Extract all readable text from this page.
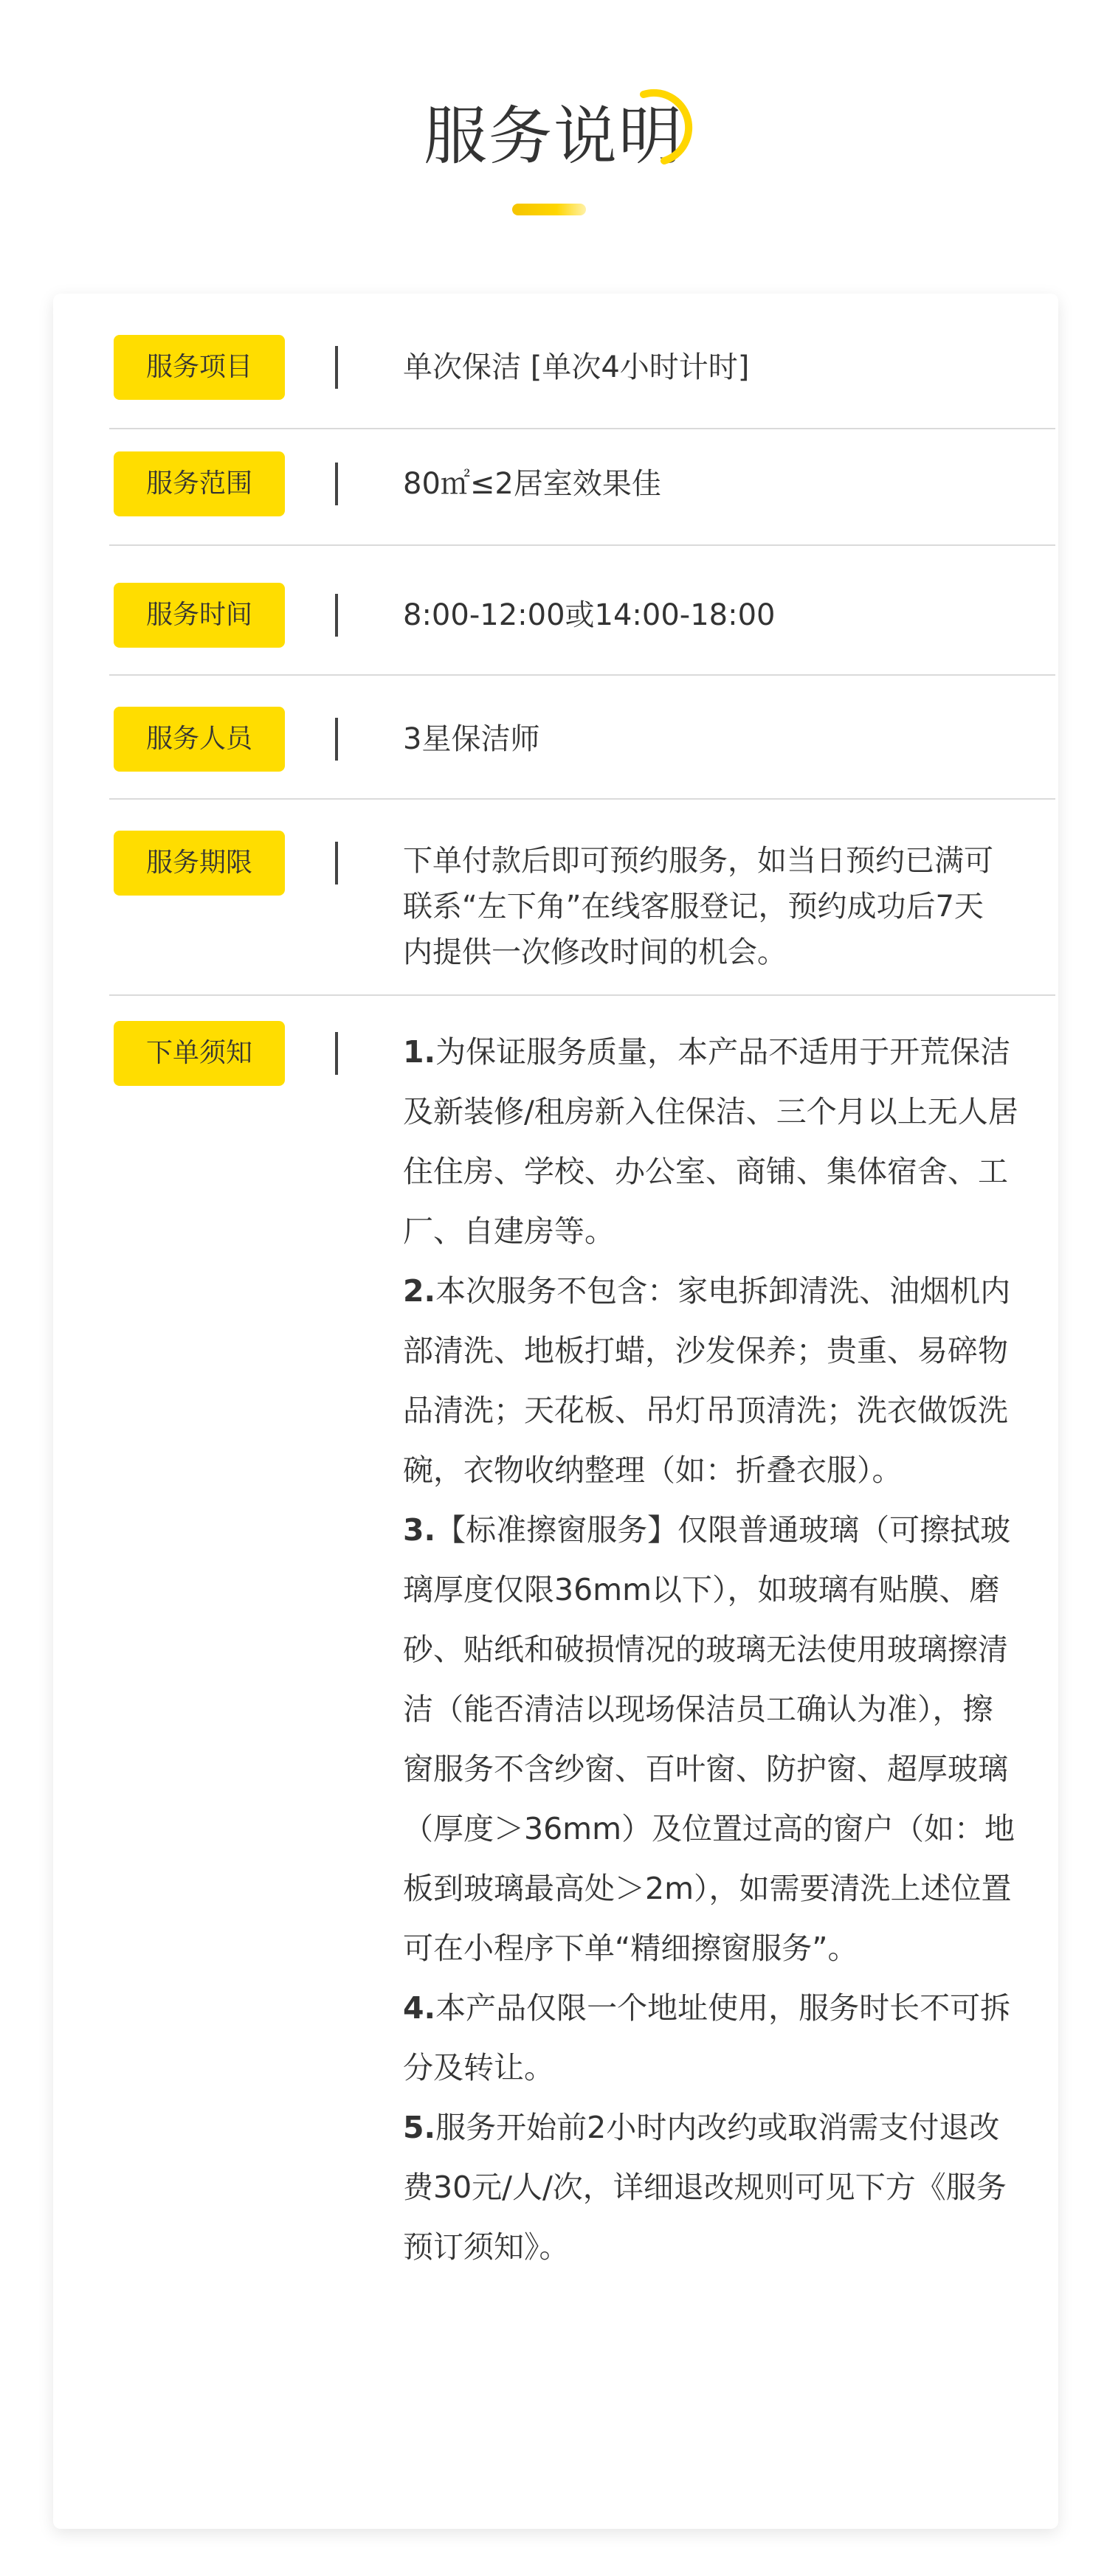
服务说明
服务项目	单次保洁 [单次4小时计时]
服务范围	80㎡≤2居室效果佳
服务时间	8:00-12:00或14:00-18:00
服务人员	3星保洁师
服务期限	下单付款后即可预约服务，如当日预约已满可联系“左下角”在线客服登记，预约成功后7天内提供一次修改时间的机会。
下单须知	1.为保证服务质量，本产品不适用于开荒保洁及新装修/租房新入住保洁、三个月以上无人居住住房、学校、办公室、商铺、集体宿舍、工厂、自建房等。
2.本次服务不包含：家电拆卸清洗、油烟机内部清洗、地板打蜡，沙发保养；贵重、易碎物品清洗；天花板、吊灯吊顶清洗；洗衣做饭洗碗，衣物收纳整理（如：折叠衣服）。
3.【标准擦窗服务】仅限普通玻璃（可擦拭玻璃厚度仅限36mm以下），如玻璃有贴膜、磨砂、贴纸和破损情况的玻璃无法使用玻璃擦清洁（能否清洁以现场保洁员工确认为准），擦窗服务不含纱窗、百叶窗、防护窗、超厚玻璃（厚度＞36mm）及位置过高的窗户（如：地板到玻璃最高处＞2m），如需要清洗上述位置可在小程序下单“精细擦窗服务”。
4.本产品仅限一个地址使用，服务时长不可拆分及转让。
5.服务开始前2小时内改约或取消需支付退改费30元/人/次，详细退改规则可见下方《服务预订须知》。
